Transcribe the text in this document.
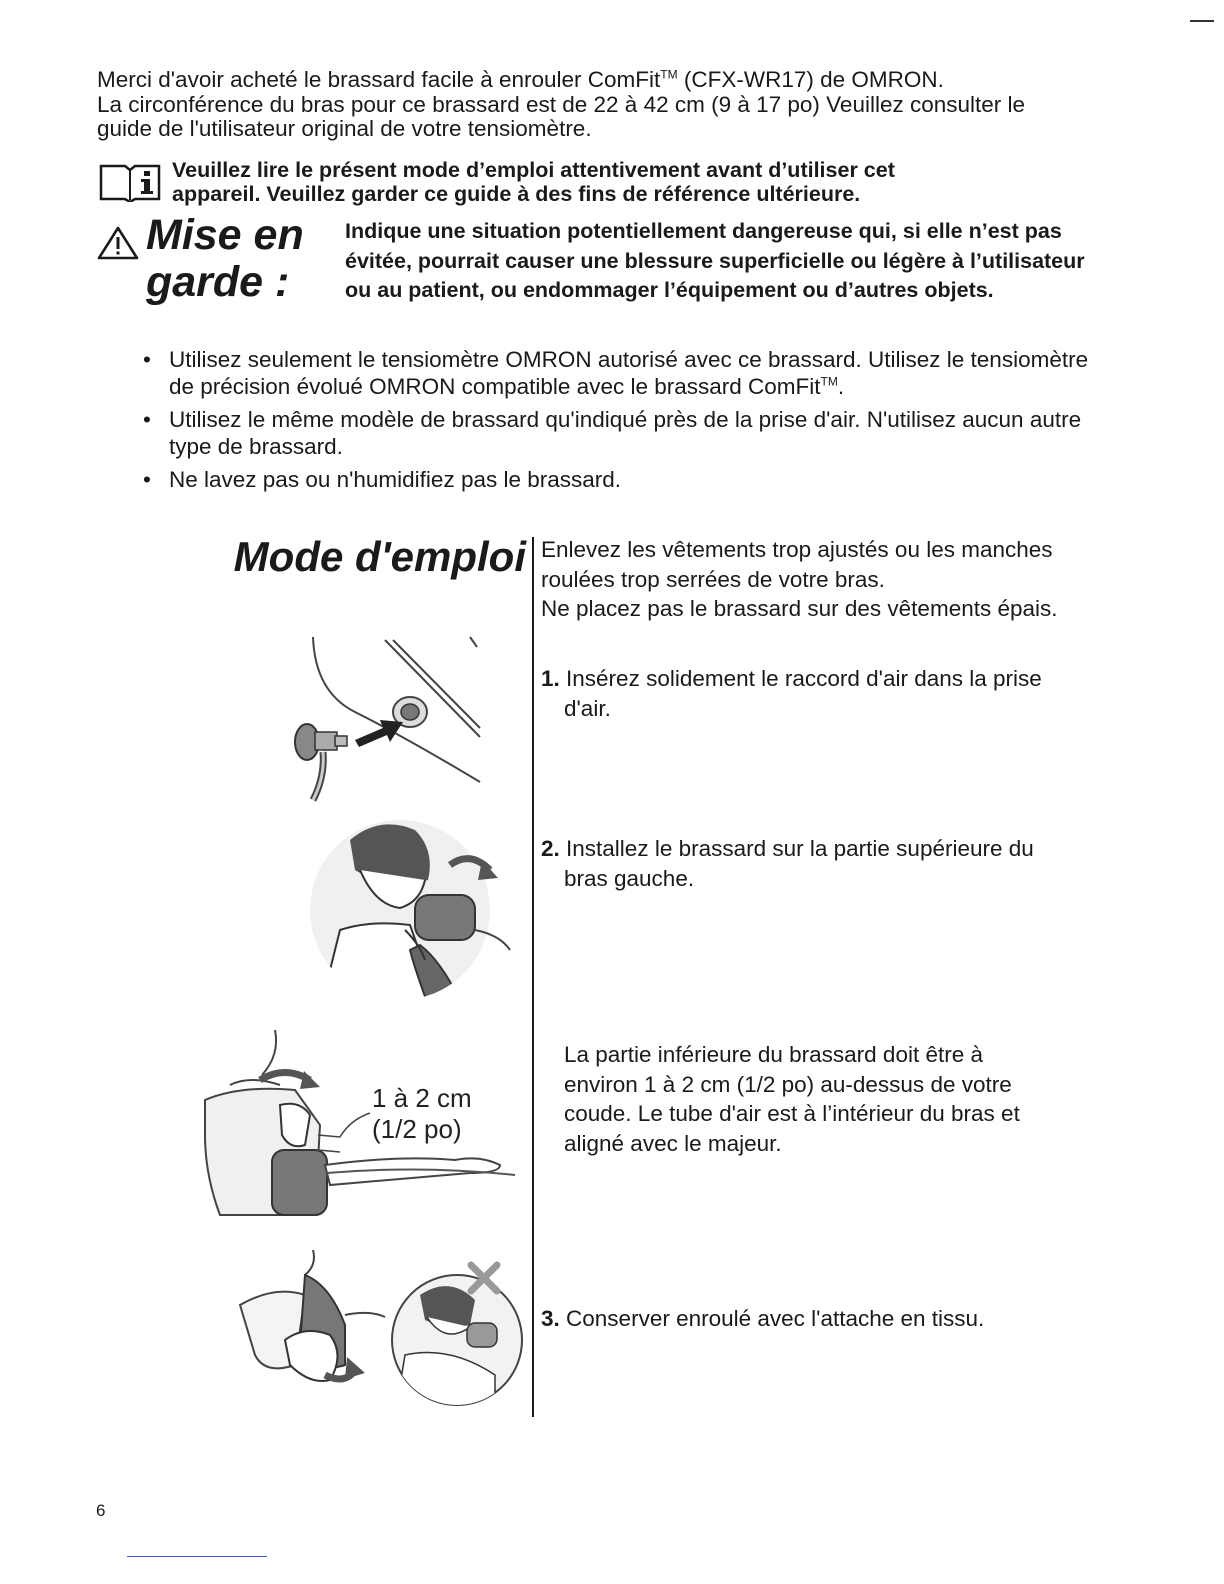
Merci d'avoir acheté le brassard facile à enrouler ComFit™ (CFX-WR17) de OMRON.

La circonférence du bras pour ce brassard est de 22 à 42 cm (9 à 17 po) Veuillez consulter le

guide de l'utilisateur original de votre tensiomètre.

Veuillez lire le présent mode d’emploi attentivement avant d’utiliser cet

appareil. Veuillez garder ce guide à des fins de référence ultérieure.

Mise en
garde :
Indique une situation potentiellement dangereuse qui, si elle n’est pas évitée, pourrait causer une blessure superficielle ou légère à l’utilisateur ou au patient, ou endommager l’équipement ou d’autres objets.
• Utilisez seulement le tensiomètre OMRON autorisé avec ce brassard. Utilisez le tensiomètre de précision évolué OMRON compatible avec le brassard ComFit™.
• Utilisez le même modèle de brassard qu'indiqué près de la prise d'air. N'utilisez aucun autre type de brassard.
• Ne lavez pas ou n'humidifiez pas le brassard.
Mode d'emploi Enlevez les vêtements trop ajustés ou les manches

roulées trop serrées de votre bras.

Ne placez pas le brassard sur des vêtements épais.

1. Insérez solidement le raccord d'air dans la prise
d'air.
2. Installez le brassard sur la partie supérieure du
bras gauche.

La partie inférieure du brassard doit être à

environ 1 à 2 cm (1/2 po) au-dessus de votre

coude. Le tube d'air est à l’intérieur du bras et

aligné avec le majeur.

3. Conserver enroulé avec l'attache en tissu.
1 à 2 cm
(1/2 po)
6
